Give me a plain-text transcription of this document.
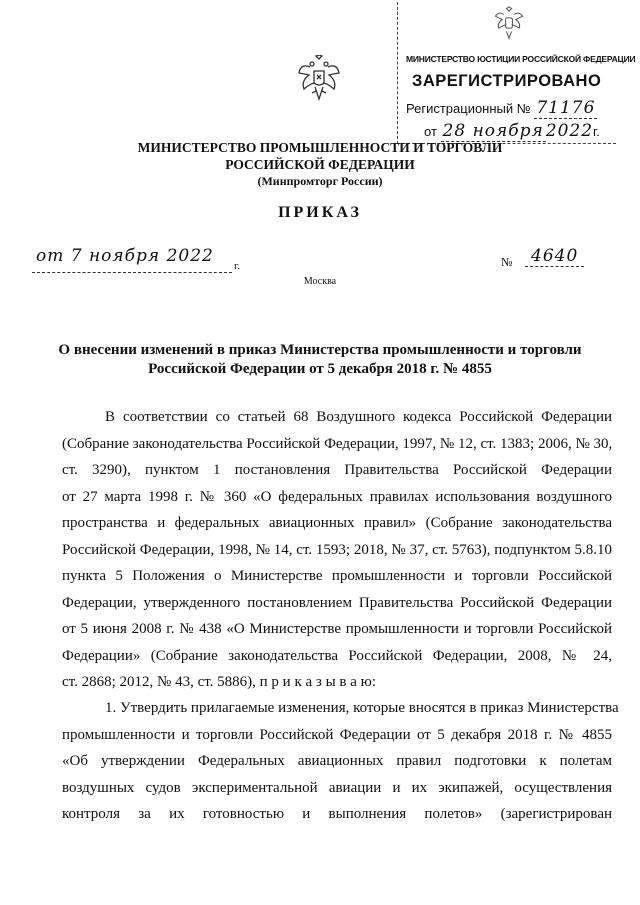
МИНИСТЕРСТВО ЮСТИЦИИ РОССИЙСКОЙ ФЕДЕРАЦИИ
ЗАРЕГИСТРИРОВАНО
Регистрационный № 71176
от 28 ноября 2022г.
МИНИСТЕРСТВО ПРОМЫШЛЕННОСТИ И ТОРГОВЛИ
РОССИЙСКОЙ ФЕДЕРАЦИИ
(Минпромторг России)
ПРИКАЗ
от 7 ноября 2022 г.	№	4640
Москва
О внесении изменений в приказ Министерства промышленности и торговли
Российской Федерации от 5 декабря 2018 г. № 4855
В соответствии со статьей 68 Воздушного кодекса Российской Федерации
(Собрание законодательства Российской Федерации, 1997, № 12, ст. 1383; 2006, № 30,
ст. 3290), пунктом 1 постановления Правительства Российской Федерации
от 27 марта 1998 г. № 360 «О федеральных правилах использования воздушного
пространства и федеральных авиационных правил» (Собрание законодательства
Российской Федерации, 1998, № 14, ст. 1593; 2018, № 37, ст. 5763), подпунктом 5.8.10
пункта 5 Положения о Министерстве промышленности и торговли Российской
Федерации, утвержденного постановлением Правительства Российской Федерации
от 5 июня 2008 г. № 438 «О Министерстве промышленности и торговли Российской
Федерации» (Собрание законодательства Российской Федерации, 2008, № 24,
ст. 2868; 2012, № 43, ст. 5886), п р и к а з ы в а ю:
1. Утвердить прилагаемые изменения, которые вносятся в приказ Министерства
промышленности и торговли Российской Федерации от 5 декабря 2018 г. № 4855
«Об утверждении Федеральных авиационных правил подготовки к полетам
воздушных судов экспериментальной авиации и их экипажей, осуществления
контроля за их готовностью и выполнения полетов» (зарегистрирован
